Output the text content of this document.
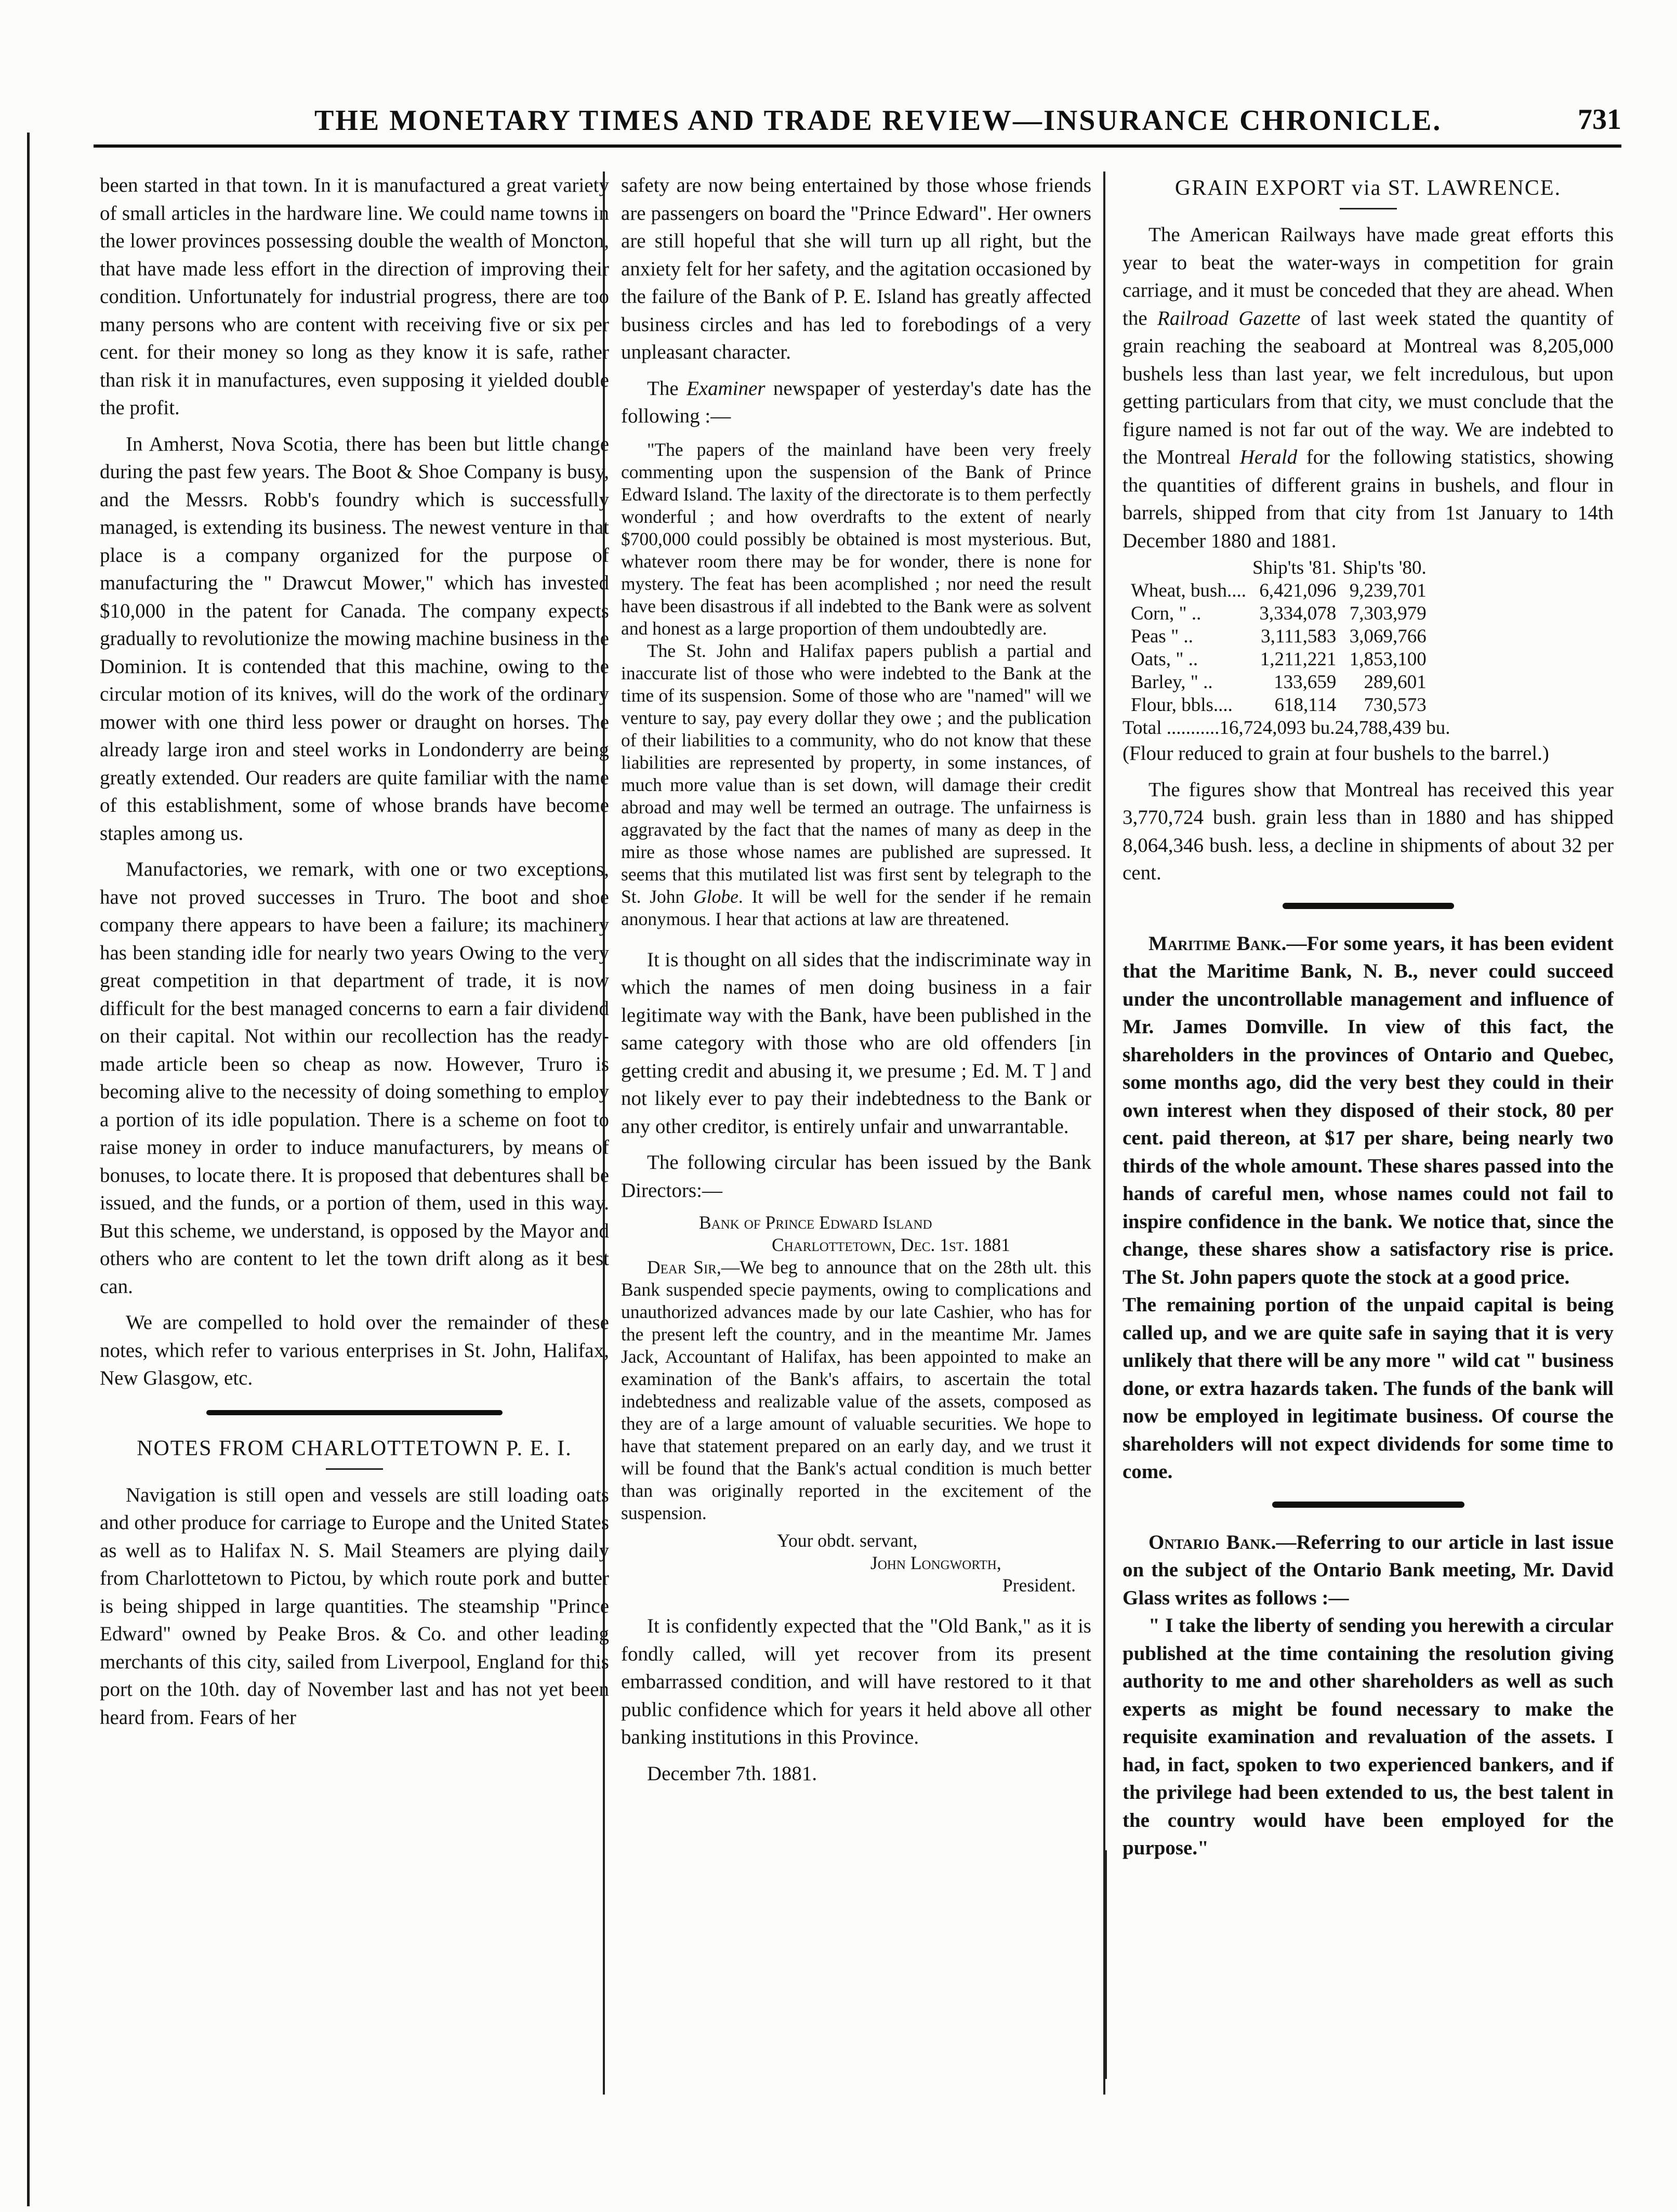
THE MONETARY TIMES AND TRADE REVIEW—INSURANCE CHRONICLE.	731

been started in that town. In it is manufactured a great variety of small articles in the hardware line. We could name towns in the lower provinces possessing double the wealth of Moncton, that have made less effort in the direction of improving their condition. Unfortunately for industrial progress, there are too many persons who are content with receiving five or six per cent. for their money so long as they know it is safe, rather than risk it in manufactures, even supposing it yielded double the profit.

In Amherst, Nova Scotia, there has been but little change during the past few years. The Boot & Shoe Company is busy, and the Messrs. Robb's foundry which is successfully managed, is extending its business. The newest venture in that place is a company organized for the purpose of manufacturing the " Drawcut Mower," which has invested $10,000 in the patent for Canada. The company expects gradually to revolutionize the mowing machine business in the Dominion. It is contended that this machine, owing to the circular motion of its knives, will do the work of the ordinary mower with one third less power or draught on horses. The already large iron and steel works in Londonderry are being greatly extended. Our readers are quite familiar with the name of this establishment, some of whose brands have become staples among us.

Manufactories, we remark, with one or two exceptions, have not proved successes in Truro. The boot and shoe company there appears to have been a failure; its machinery has been standing idle for nearly two years Owing to the very great competition in that department of trade, it is now difficult for the best managed concerns to earn a fair dividend on their capital. Not within our recollection has the ready-made article been so cheap as now. However, Truro is becoming alive to the necessity of doing something to employ a portion of its idle population. There is a scheme on foot to raise money in order to induce manufacturers, by means of bonuses, to locate there. It is proposed that debentures shall be issued, and the funds, or a portion of them, used in this way. But this scheme, we understand, is opposed by the Mayor and others who are content to let the town drift along as it best can.

We are compelled to hold over the remainder of these notes, which refer to various enterprises in St. John, Halifax, New Glasgow, etc.

NOTES FROM CHARLOTTETOWN P. E. I.

Navigation is still open and vessels are still loading oats and other produce for carriage to Europe and the United States as well as to Halifax N. S. Mail Steamers are plying daily from Charlottetown to Pictou, by which route pork and butter is being shipped in large quantities. The steamship "Prince Edward" owned by Peake Bros. & Co. and other leading merchants of this city, sailed from Liverpool, England for this port on the 10th. day of November last and has not yet been heard from. Fears of her

safety are now being entertained by those whose friends are passengers on board the "Prince Edward". Her owners are still hopeful that she will turn up all right, but the anxiety felt for her safety, and the agitation occasioned by the failure of the Bank of P. E. Island has greatly affected business circles and has led to forebodings of a very unpleasant character.

The Examiner newspaper of yesterday's date has the following :—

"The papers of the mainland have been very freely commenting upon the suspension of the Bank of Prince Edward Island. The laxity of the directorate is to them perfectly wonderful ; and how overdrafts to the extent of nearly $700,000 could possibly be obtained is most mysterious. But, whatever room there may be for wonder, there is none for mystery. The feat has been acomplished ; nor need the result have been disastrous if all indebted to the Bank were as solvent and honest as a large proportion of them undoubtedly are.

The St. John and Halifax papers publish a partial and inaccurate list of those who were indebted to the Bank at the time of its suspension. Some of those who are "named" will we venture to say, pay every dollar they owe ; and the publication of their liabilities to a community, who do not know that these liabilities are represented by property, in some instances, of much more value than is set down, will damage their credit abroad and may well be termed an outrage. The unfairness is aggravated by the fact that the names of many as deep in the mire as those whose names are published are supressed. It seems that this mutilated list was first sent by telegraph to the St. John Globe. It will be well for the sender if he remain anonymous. I hear that actions at law are threatened.

It is thought on all sides that the indiscriminate way in which the names of men doing business in a fair legitimate way with the Bank, have been published in the same category with those who are old offenders [in getting credit and abusing it, we presume ; Ed. M. T ] and not likely ever to pay their indebtedness to the Bank or any other creditor, is entirely unfair and unwarrantable.

The following circular has been issued by the Bank Directors:—

Bank of Prince Edward Island

Charlottetown, Dec. 1st. 1881

Dear Sir,—We beg to announce that on the 28th ult. this Bank suspended specie payments, owing to complications and unauthorized advances made by our late Cashier, who has for the present left the country, and in the meantime Mr. James Jack, Accountant of Halifax, has been appointed to make an examination of the Bank's affairs, to ascertain the total indebtedness and realizable value of the assets, composed as they are of a large amount of valuable securities. We hope to have that statement prepared on an early day, and we trust it will be found that the Bank's actual condition is much better than was originally reported in the excitement of the suspension.

Your obdt. servant,

John Longworth,

President.

It is confidently expected that the "Old Bank," as it is fondly called, will yet recover from its present embarrassed condition, and will have restored to it that public confidence which for years it held above all other banking institutions in this Province.

December 7th. 1881.

GRAIN EXPORT via ST. LAWRENCE.

The American Railways have made great efforts this year to beat the water-ways in competition for grain carriage, and it must be conceded that they are ahead. When the Railroad Gazette of last week stated the quantity of grain reaching the seaboard at Montreal was 8,205,000 bushels less than last year, we felt incredulous, but upon getting particulars from that city, we must conclude that the figure named is not far out of the way. We are indebted to the Montreal Herald for the following statistics, showing the quantities of different grains in bushels, and flour in barrels, shipped from that city from 1st January to 14th December 1880 and 1881.

	Ship'ts '81.	Ship'ts '80.
Wheat, bush....	6,421,096	9,239,701
Corn, " ..	3,334,078	7,303,979
Peas " ..	3,111,583	3,069,766
Oats, " ..	1,211,221	1,853,100
Barley, " ..	133,659	289,601
Flour, bbls....	618,114	730,573

Total ...........16,724,093 bu.24,788,439 bu.

(Flour reduced to grain at four bushels to the barrel.)

The figures show that Montreal has received this year 3,770,724 bush. grain less than in 1880 and has shipped 8,064,346 bush. less, a decline in shipments of about 32 per cent.

Maritime Bank.—For some years, it has been evident that the Maritime Bank, N. B., never could succeed under the uncontrollable management and influence of Mr. James Domville. In view of this fact, the shareholders in the provinces of Ontario and Quebec, some months ago, did the very best they could in their own interest when they disposed of their stock, 80 per cent. paid thereon, at $17 per share, being nearly two thirds of the whole amount. These shares passed into the hands of careful men, whose names could not fail to inspire confidence in the bank. We notice that, since the change, these shares show a satisfactory rise is price. The St. John papers quote the stock at a good price.

The remaining portion of the unpaid capital is being called up, and we are quite safe in saying that it is very unlikely that there will be any more " wild cat " business done, or extra hazards taken. The funds of the bank will now be employed in legitimate business. Of course the shareholders will not expect dividends for some time to come.

Ontario Bank.—Referring to our article in last issue on the subject of the Ontario Bank meeting, Mr. David Glass writes as follows :—

" I take the liberty of sending you herewith a circular published at the time containing the resolution giving authority to me and other shareholders as well as such experts as might be found necessary to make the requisite examination and revaluation of the assets. I had, in fact, spoken to two experienced bankers, and if the privilege had been extended to us, the best talent in the country would have been employed for the purpose."
